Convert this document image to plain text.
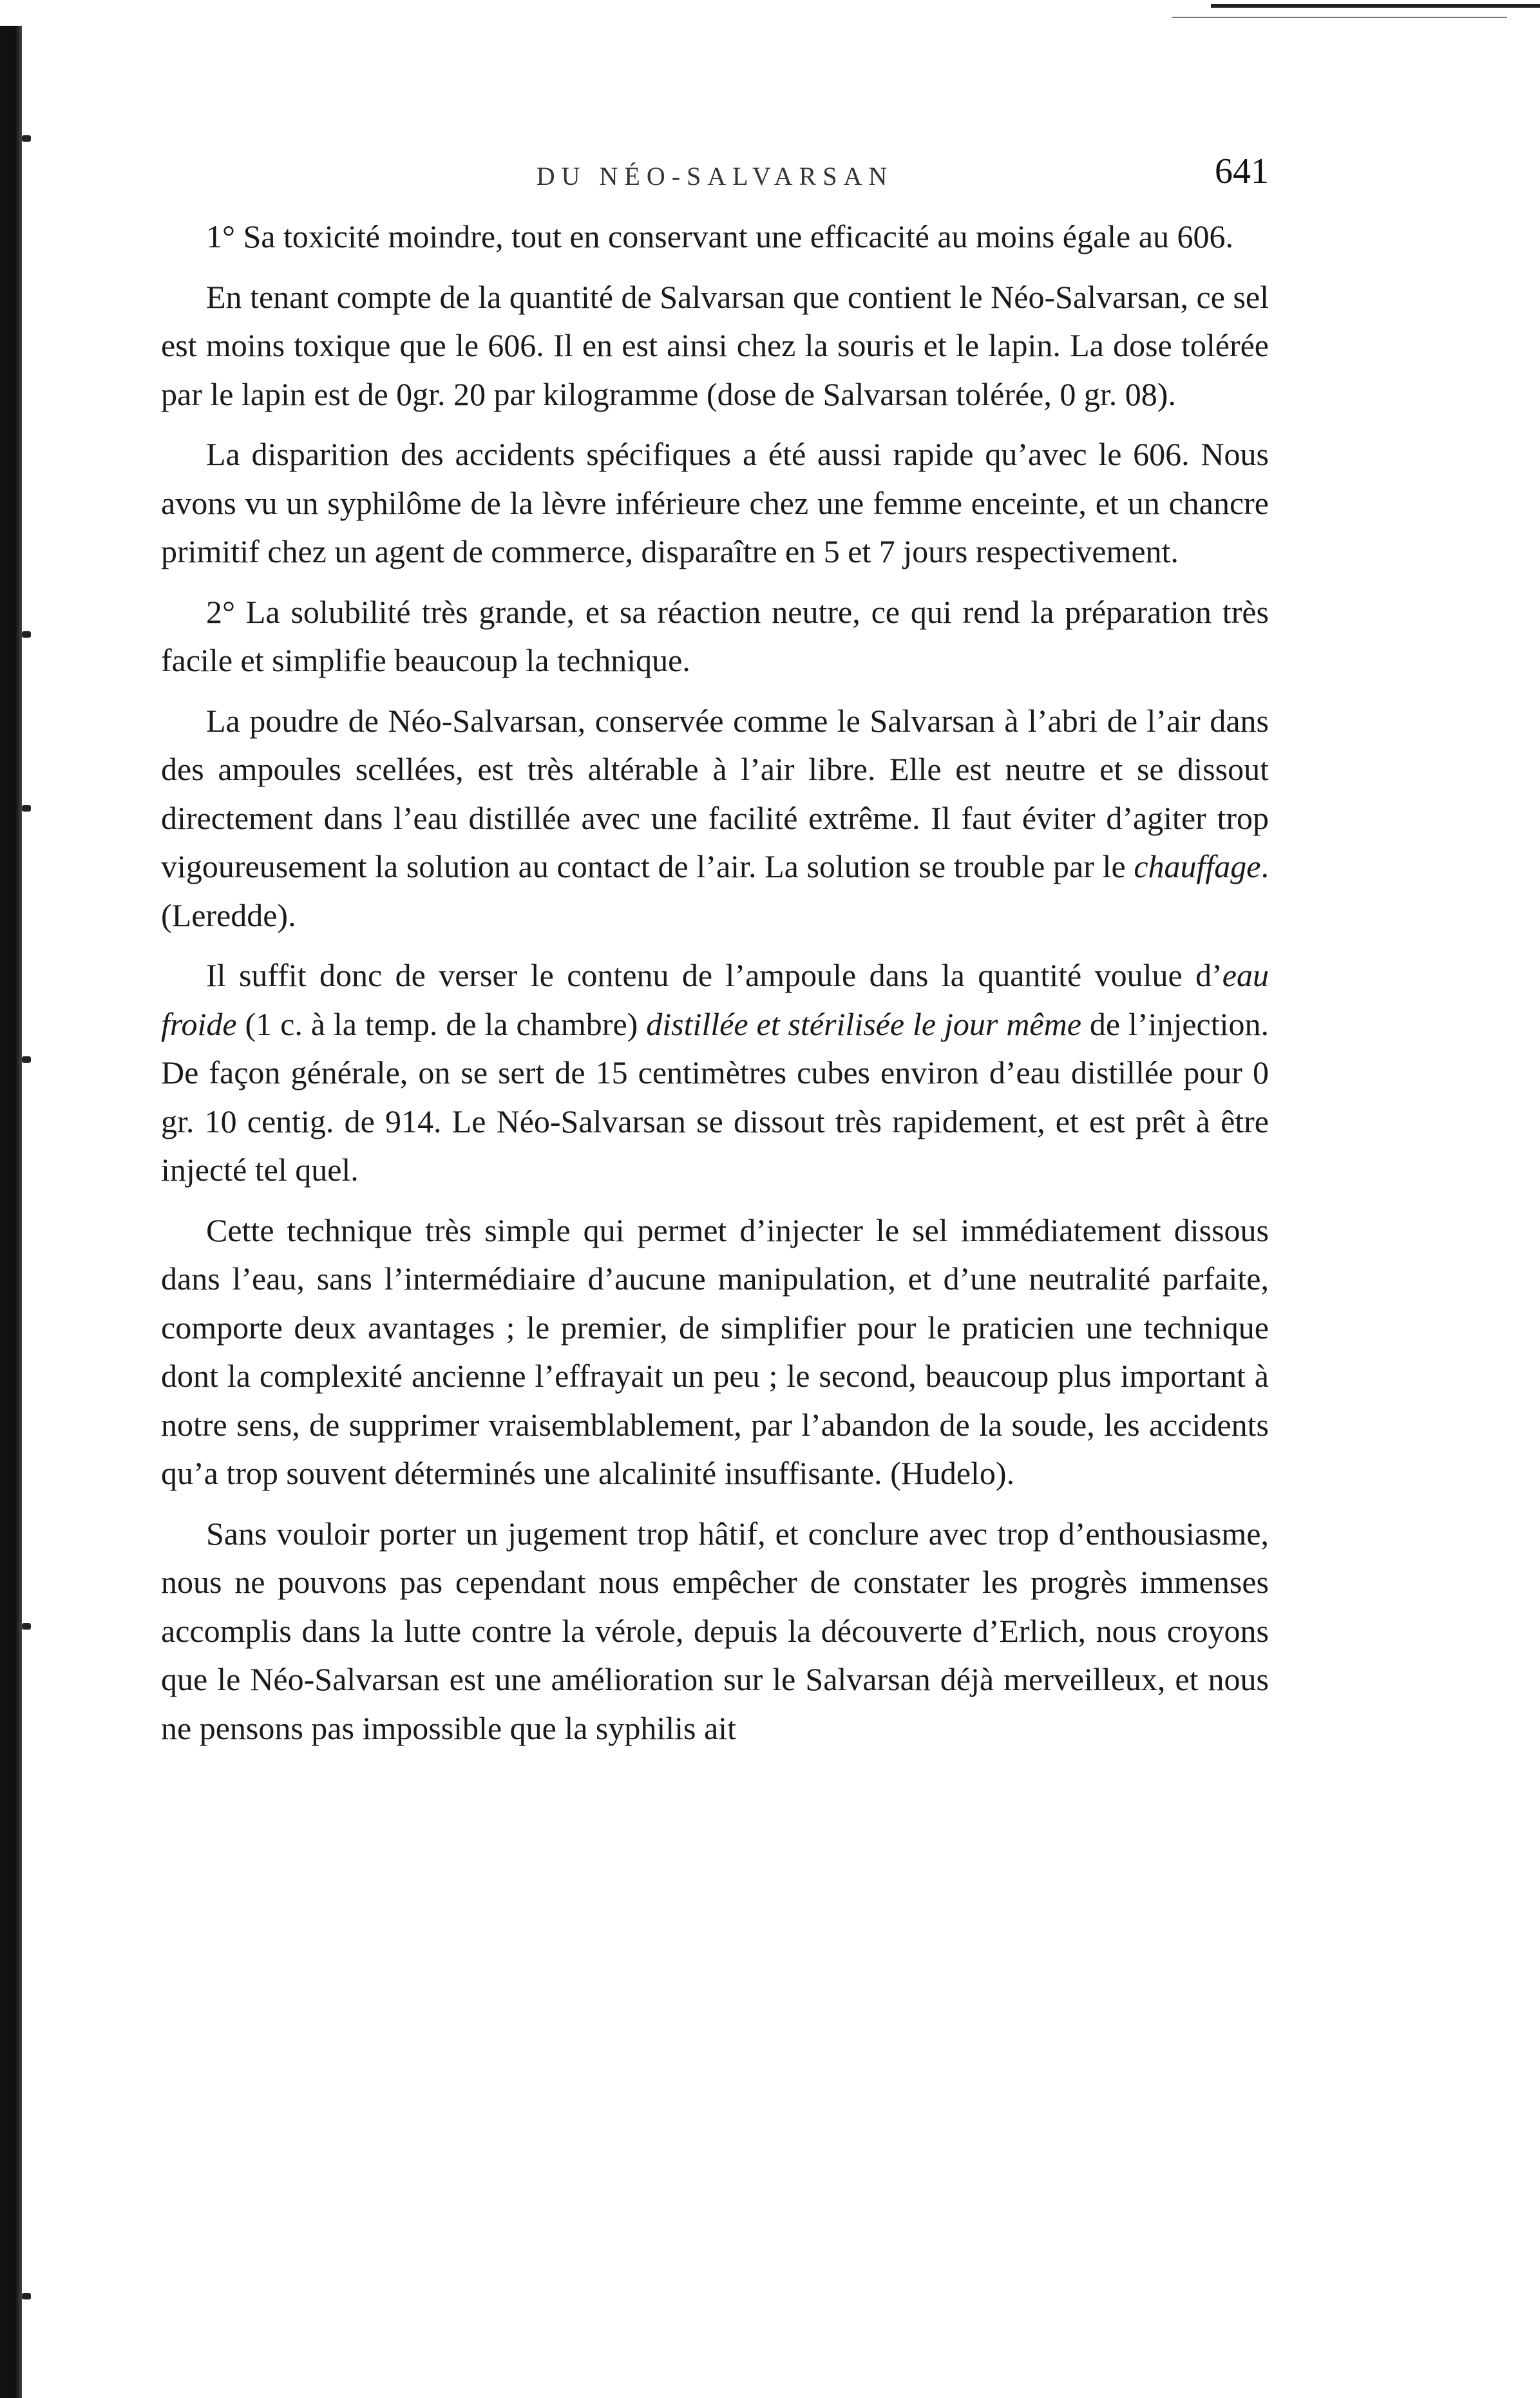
DU NÉO-SALVARSAN	641

1° Sa toxicité moindre, tout en conservant une efficacité au moins égale au 606.

En tenant compte de la quantité de Salvarsan que contient le Néo-Salvarsan, ce sel est moins toxique que le 606. Il en est ainsi chez la souris et le lapin. La dose tolérée par le lapin est de 0gr. 20 par kilogramme (dose de Salvarsan tolérée, 0 gr. 08).

La disparition des accidents spécifiques a été aussi rapide qu’avec le 606. Nous avons vu un syphilôme de la lèvre inférieure chez une femme enceinte, et un chancre primitif chez un agent de commerce, disparaître en 5 et 7 jours respectivement.

2° La solubilité très grande, et sa réaction neutre, ce qui rend la préparation très facile et simplifie beaucoup la technique.

La poudre de Néo-Salvarsan, conservée comme le Salvarsan à l’abri de l’air dans des ampoules scellées, est très altérable à l’air libre. Elle est neutre et se dissout directement dans l’eau distillée avec une facilité extrême. Il faut éviter d’agiter trop vigoureusement la solution au contact de l’air. La solution se trouble par le chauffage. (Leredde).

Il suffit donc de verser le contenu de l’ampoule dans la quantité voulue d’eau froide (1 c. à la temp. de la chambre) distillée et stérilisée le jour même de l’injection. De façon générale, on se sert de 15 centimètres cubes environ d’eau distillée pour 0 gr. 10 centig. de 914. Le Néo-Salvarsan se dissout très rapidement, et est prêt à être injecté tel quel.

Cette technique très simple qui permet d’injecter le sel immédiatement dissous dans l’eau, sans l’intermédiaire d’aucune manipulation, et d’une neutralité parfaite, comporte deux avantages ; le premier, de simplifier pour le praticien une technique dont la complexité ancienne l’effrayait un peu ; le second, beaucoup plus important à notre sens, de supprimer vraisemblablement, par l’abandon de la soude, les accidents qu’a trop souvent déterminés une alcalinité insuffisante. (Hudelo).

Sans vouloir porter un jugement trop hâtif, et conclure avec trop d’enthousiasme, nous ne pouvons pas cependant nous empêcher de constater les progrès immenses accomplis dans la lutte contre la vérole, depuis la découverte d’Erlich, nous croyons que le Néo-Salvarsan est une amélioration sur le Salvarsan déjà merveilleux, et nous ne pensons pas impossible que la syphilis ait
